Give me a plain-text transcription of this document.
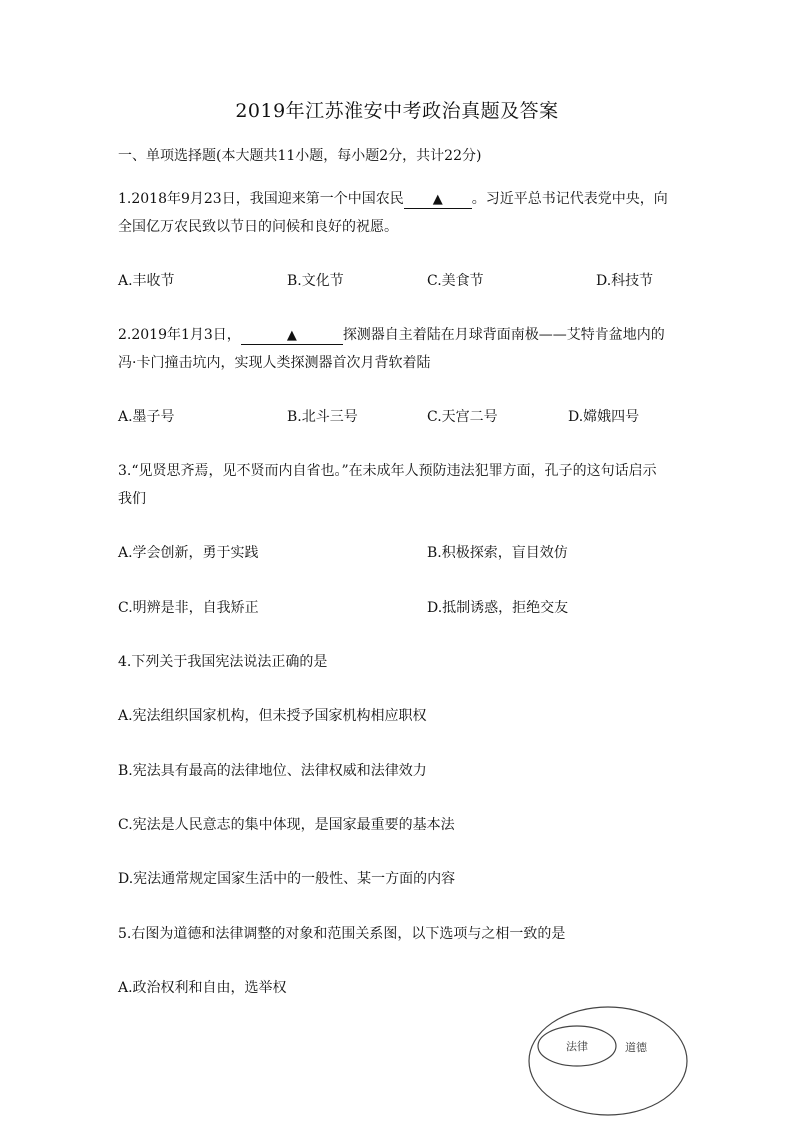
2019年江苏淮安中考政治真题及答案
一、单项选择题(本大题共11小题，每小题2分，共计22分)
1.2018年9月23日，我国迎来第一个中国农民 ▲ 。习近平总书记代表党中央，向
全国亿万农民致以节日的问候和良好的祝愿。
A.丰收节	B.文化节	C.美食节	D.科技节
2.2019年1月3日，	▲	探测器自主着陆在月球背面南极——艾特肯盆地内的
冯·卡门撞击坑内，实现人类探测器首次月背软着陆
A.墨子号	B.北斗三号	C.天宫二号	D.嫦娥四号
3.“见贤思齐焉，见不贤而内自省也。”在未成年人预防违法犯罪方面，孔子的这句话启示
我们
A.学会创新，勇于实践	B.积极探索，盲目效仿
C.明辨是非，自我矫正	D.抵制诱惑，拒绝交友
4.下列关于我国宪法说法正确的是
A.宪法组织国家机构，但未授予国家机构相应职权
B.宪法具有最高的法律地位、法律权威和法律效力
C.宪法是人民意志的集中体现，是国家最重要的基本法
D.宪法通常规定国家生活中的一般性、某一方面的内容
5.右图为道德和法律调整的对象和范围关系图，以下选项与之相一致的是
A.政治权利和自由，选举权
法律	道德
